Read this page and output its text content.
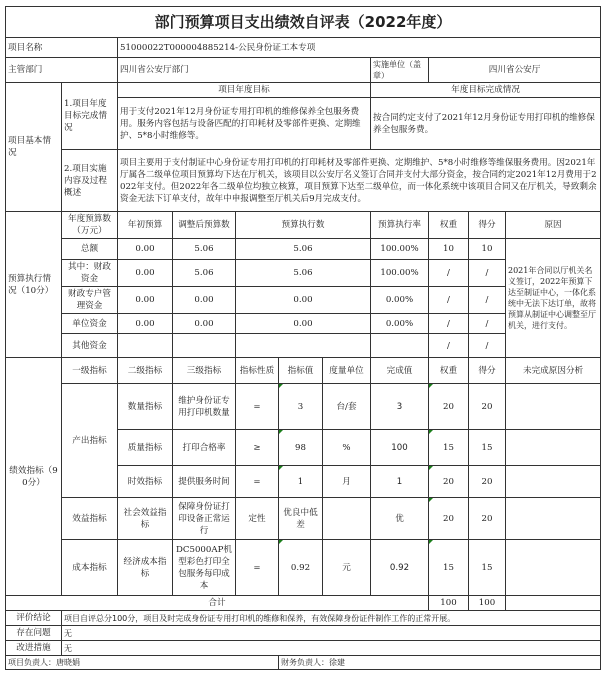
部门预算项目支出绩效自评表（2022年度）										
项目名称		51000022T000004885214-公民身份证工本专项								
主管部门		四川省公安厅部门					实施单位（盖章）	四川省公安厅		
项目基本情况	1.项目年度目标完成情况	项目年度目标					年度目标完成情况			
		用于支付2021年12月身份证专用打印机的维修保养全包服务费用。服务内容包括与设备匹配的打印耗材及零部件更换、定期维护、5*8小时维修等。					按合同约定支付了2021年12月身份证专用打印机的维修保养全包服务费。			
	2.项目实施内容及过程概述	项目主要用于支付制证中心身份证专用打印机的打印耗材及零部件更换、定期维护、5*8小时维修等维保服务费用。因2021年厅属各二级单位项目预算均下达在厅机关，该项目以公安厅名义签订合同并支付大部分资金，按合同约定2021年12月费用于2022年支付。但2022年各二级单位均独立核算，项目预算下达至二级单位，而一体化系统中该项目合同又在厅机关，导致剩余资金无法下订单支付，故年中申报调整至厅机关后9月完成支付。								
预算执行情况（10分）	年度预算数（万元）	年初预算	调整后预算数	预算执行数			预算执行率	权重	得分	原因
	总额	0.00	5.06	5.06			100.00%	10	10	2021年合同以厅机关名义签订，2022年预算下达至制证中心，一体化系统中无法下达订单，故将预算从制证中心调整至厅机关，进行支付。
	其中：财政资金	0.00	5.06	5.06			100.00%	/	/	
	财政专户管理资金	0.00	0.00	0.00			0.00%	/	/	
	单位资金	0.00	0.00	0.00			0.00%	/	/	
	其他资金							/	/	
绩效指标（90分）	一级指标	二级指标	三级指标	指标性质	指标值	度量单位	完成值	权重	得分	未完成原因分析
	产出指标	数量指标	维护身份证专用打印机数量	=	3	台/套	3	20	20	
		质量指标	打印合格率	≥	98	%	100	15	15	
		时效指标	提供服务时间	=	1	月	1	20	20	
	效益指标	社会效益指标	保障身份证打印设备正常运行	定性	优良中低差		优	20	20	
	成本指标	经济成本指标	DC5000AP机型彩色打印全包服务每印成本	=	0.92	元	0.92	15	15	
合计								100	100	
评价结论	项目自评总分100分，项目及时完成身份证专用打印机的维修和保养，有效保障身份证件制作工作的正常开展。									
存在问题	无									
改进措施	无									
项目负责人：唐晓娟					财务负责人：徐建					
